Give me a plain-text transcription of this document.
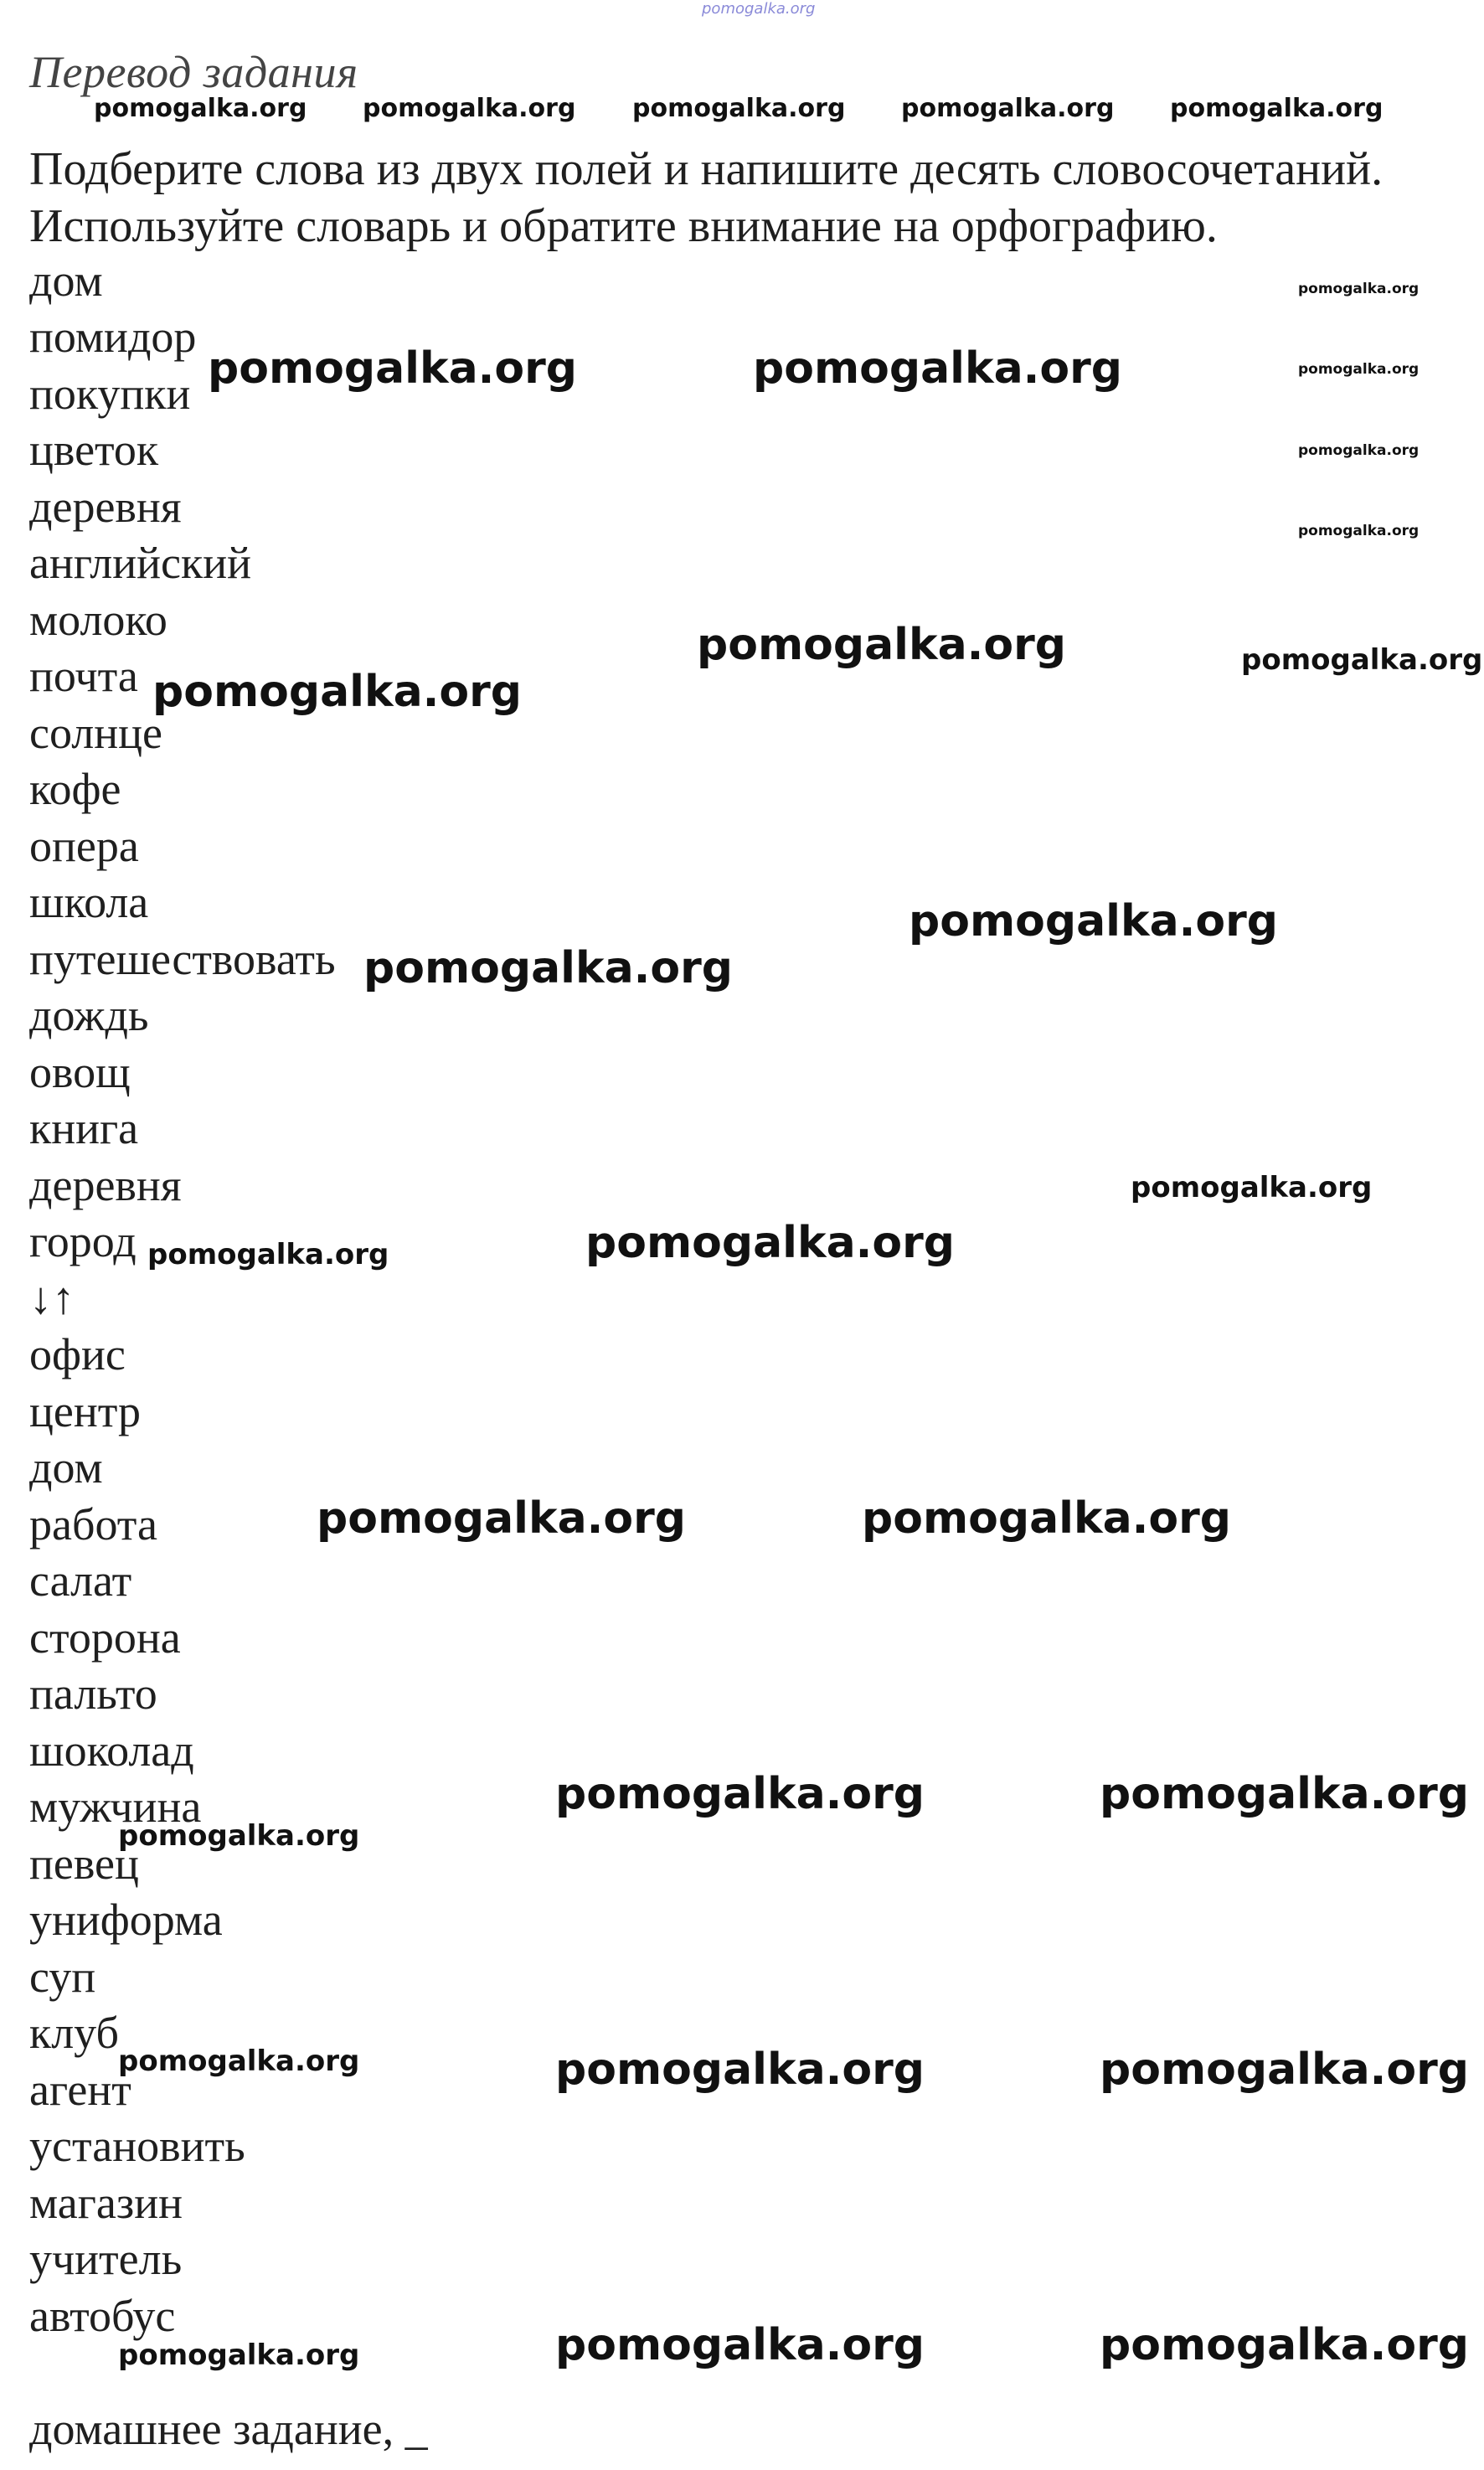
pomogalka.org
Перевод задания

Подберите слова из двух полей и напишите десять словосочетаний.

Используйте словарь и обратите внимание на орфографию.

дом
помидор
покупки
цветок
деревня
английский
молоко
почта
солнце
кофе
опера
школа
путешествовать
дождь
овощ
книга
деревня
город
↓↑
офис
центр
дом
работа
салат
сторона
пальто
шоколад
мужчина
певец
униформа
суп
клуб
агент
установить
магазин
учитель
автобус
домашнее задание, _
pomogalka.org pomogalka.org pomogalka.org pomogalka.org pomogalka.org
pomogalka.org
pomogalka.org
pomogalka.org
pomogalka.org
pomogalka.org	pomogalka.org
pomogalka.org	pomogalka.org
pomogalka.org
pomogalka.org
pomogalka.org
pomogalka.org
pomogalka.org
pomogalka.org
pomogalka.org	pomogalka.org
pomogalka.org	pomogalka.org
pomogalka.org
pomogalka.org	pomogalka.org
pomogalka.org
pomogalka.org	pomogalka.org	pomogalka.org
